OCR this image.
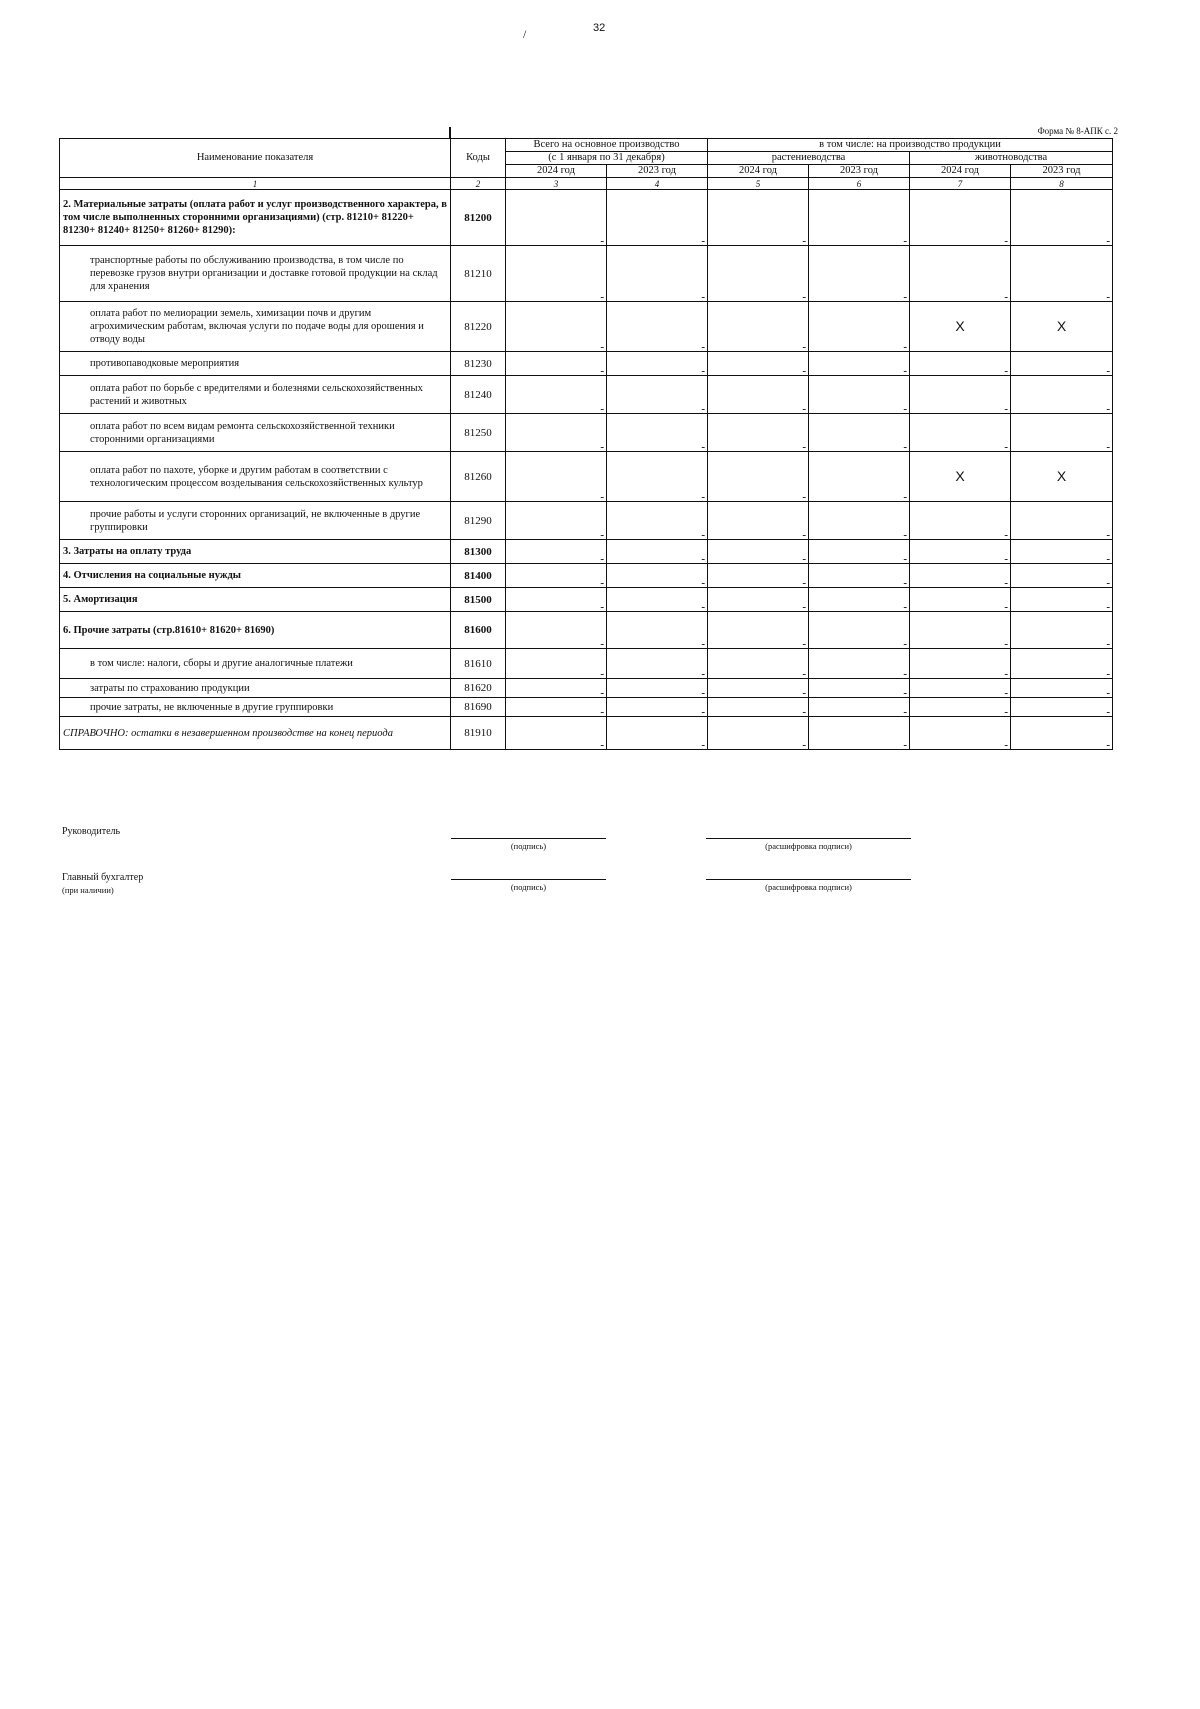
/	32
Форма № 8-АПК с. 2
Наименование показателя	Коды	Всего на основное производство		в том числе: на производство продукции			
		(с 1 января по 31 декабря)		растениеводства		животноводства	
		2024 год	2023 год	2024 год	2023 год	2024 год	2023 год
1	2	3	4	5	6	7	8
2. Материальные затраты (оплата работ и услуг производственного характера, в том числе выполненных сторонними организациями) (стр. 81210+ 81220+ 81230+ 81240+ 81250+ 81260+ 81290):	81200	-	-	-	-	-	-

транспортные работы по обслуживанию производства, в том числе по перевозке грузов внутри организации и доставке готовой продукции на склад для хранения	81210	-	-	-	-	-	-

оплата работ по мелиорации земель, химизации почв и другим агрохимическим работам, включая услуги по подаче воды для орошения и отводу воды	81220	-	-	-	-	X	X
противопаводковые мероприятия	81230	-	-	-	-	-	-

оплата работ по борьбе с вредителями и болезнями сельскохозяйственных растений и животных	81240	-	-	-	-	-	-

оплата работ по всем видам ремонта сельскохозяйственной техники сторонними организациями	81250	-	-	-	-	-	-

оплата работ по пахоте, уборке и другим работам в соответствии с технологическим процессом возделывания сельскохозяйственных культур	81260	-	-	-	-	X	X
прочие работы и услуги сторонних организаций, не включенные в другие группировки	81290	-	-	-	-	-	-

3. Затраты на оплату труда	81300	-	-	-	-	-	-

4. Отчисления на социальные нужды	81400	-	-	-	-	-	-

5. Амортизация	81500	-	-	-	-	-	-

6. Прочие затраты (стр.81610+ 81620+ 81690)	81600	-	-	-	-	-	-

в том числе: налоги, сборы и другие аналогичные платежи	81610	-	-	-	-	-	-

затраты по страхованию продукции	81620	-	-	-	-	-	-

прочие затраты, не включенные в другие группировки	81690	-	-	-	-	-	-

СПРАВОЧНО: остатки в незавершенном производстве на конец периода	81910	-	-	-	-	-	-
Руководитель
(подпись)	(расшифровка подписи)
Главный бухгалтер
(при наличии)	(подпись)	(расшифровка подписи)
